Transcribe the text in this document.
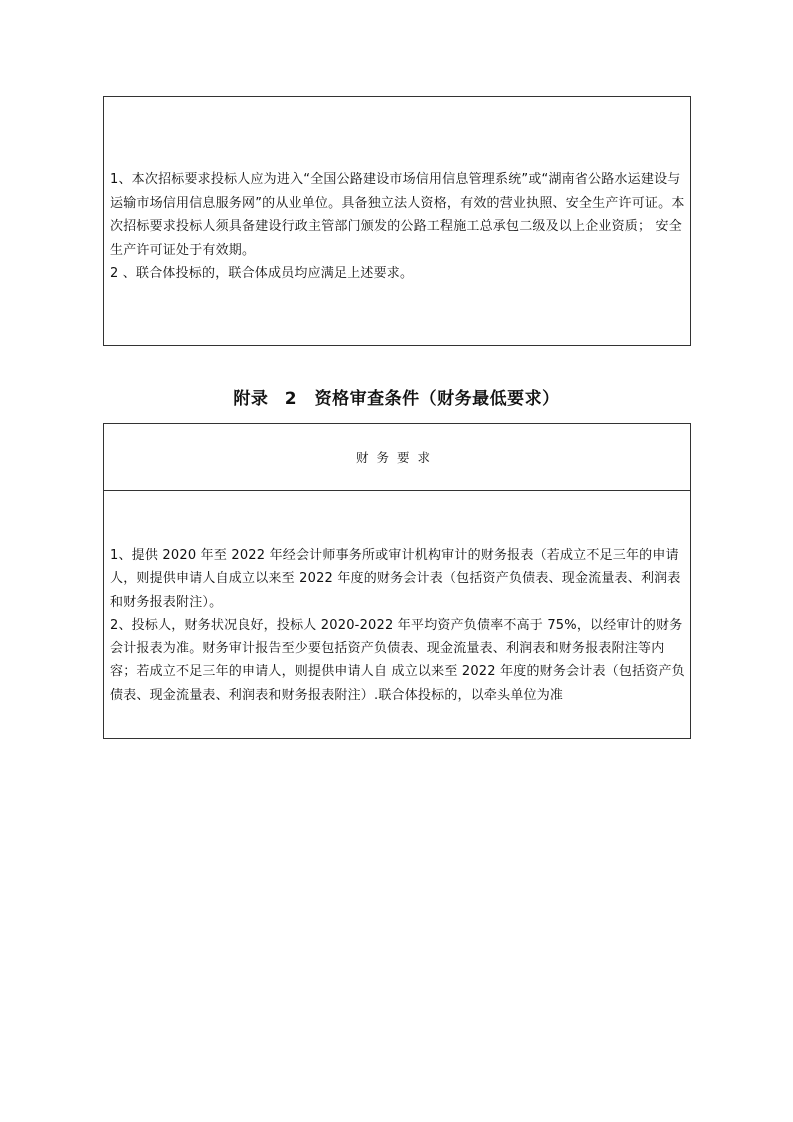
1、本次招标要求投标人应为进入“全国公路建设市场信用信息管理系统”或“湖南省公路水运建设与运输市场信用信息服务网”的从业单位。具备独立法人资格，有效的营业执照、安全生产许可证。本次招标要求投标人须具备建设行政主管部门颁发的公路工程施工总承包二级及以上企业资质； 安全生产许可证处于有效期。

2 、联合体投标的，联合体成员均应满足上述要求。

附录 2　资格审查条件（财务最低要求）
财务要求

1、提供 2020 年至 2022 年经会计师事务所或审计机构审计的财务报表（若成立不足三年的申请人，则提供申请人自成立以来至 2022 年度的财务会计表（包括资产负债表、现金流量表、利润表和财务报表附注）。

2、投标人，财务状况良好，投标人 2020-2022 年平均资产负债率不高于 75%，以经审计的财务会计报表为准。财务审计报告至少要包括资产负债表、现金流量表、利润表和财务报表附注等内容；若成立不足三年的申请人，则提供申请人自 成立以来至 2022 年度的财务会计表（包括资产负债表、现金流量表、利润表和财务报表附注）.联合体投标的，以牵头单位为准
